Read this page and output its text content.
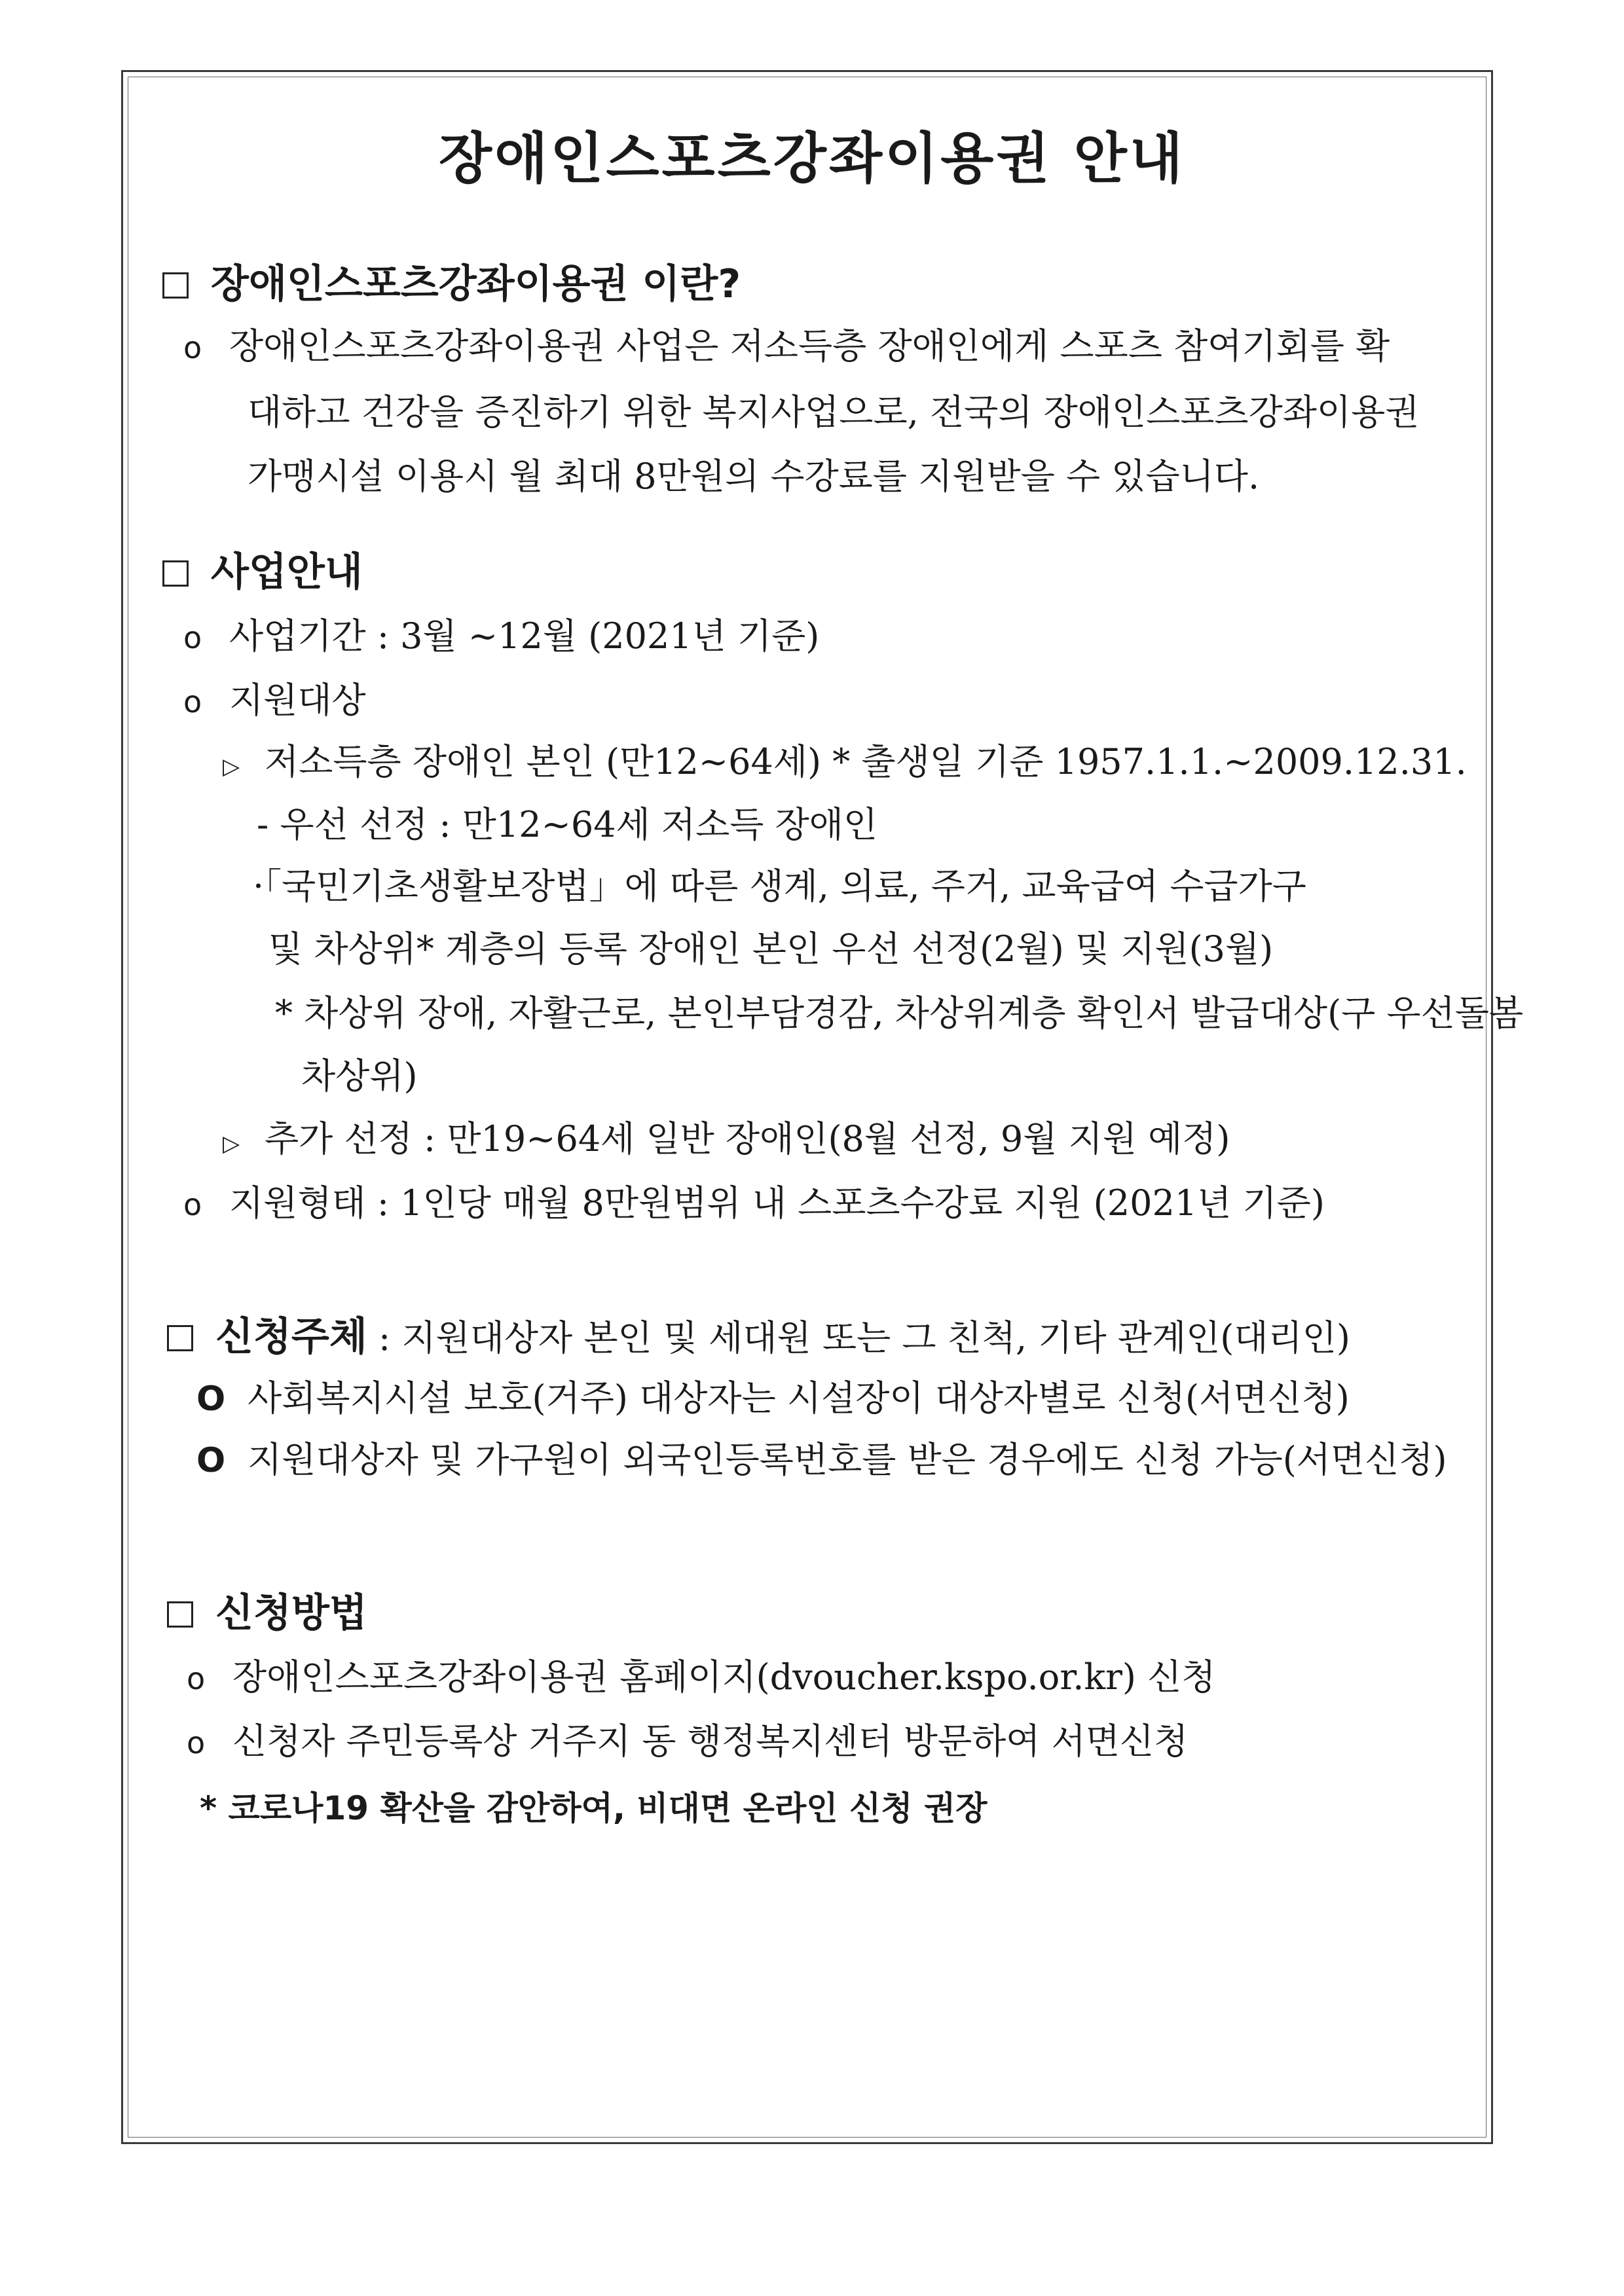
장애인스포츠강좌이용권 안내
장애인스포츠강좌이용권 이란?
o 장애인스포츠강좌이용권 사업은 저소득층 장애인에게 스포츠 참여기회를 확
대하고 건강을 증진하기 위한 복지사업으로, 전국의 장애인스포츠강좌이용권
가맹시설 이용시 월 최대 8만원의 수강료를 지원받을 수 있습니다.
사업안내
o 사업기간 : 3월 ~12월 (2021년 기준)
o 지원대상
▷ 저소득층 장애인 본인 (만12~64세) * 출생일 기준 1957.1.1.~2009.12.31.
- 우선 선정 : 만12~64세 저소득 장애인
·「국민기초생활보장법」에 따른 생계, 의료, 주거, 교육급여 수급가구
및 차상위* 계층의 등록 장애인 본인 우선 선정(2월) 및 지원(3월)
* 차상위 장애, 자활근로, 본인부담경감, 차상위계층 확인서 발급대상(구 우선돌봄
차상위)
▷ 추가 선정 : 만19~64세 일반 장애인(8월 선정, 9월 지원 예정)
o 지원형태 : 1인당 매월 8만원범위 내 스포츠수강료 지원 (2021년 기준)
신청주체 : 지원대상자 본인 및 세대원 또는 그 친척, 기타 관계인(대리인)
O 사회복지시설 보호(거주) 대상자는 시설장이 대상자별로 신청(서면신청)
O 지원대상자 및 가구원이 외국인등록번호를 받은 경우에도 신청 가능(서면신청)
신청방법
o 장애인스포츠강좌이용권 홈페이지(dvoucher.kspo.or.kr) 신청
o 신청자 주민등록상 거주지 동 행정복지센터 방문하여 서면신청
* 코로나19 확산을 감안하여, 비대면 온라인 신청 권장
